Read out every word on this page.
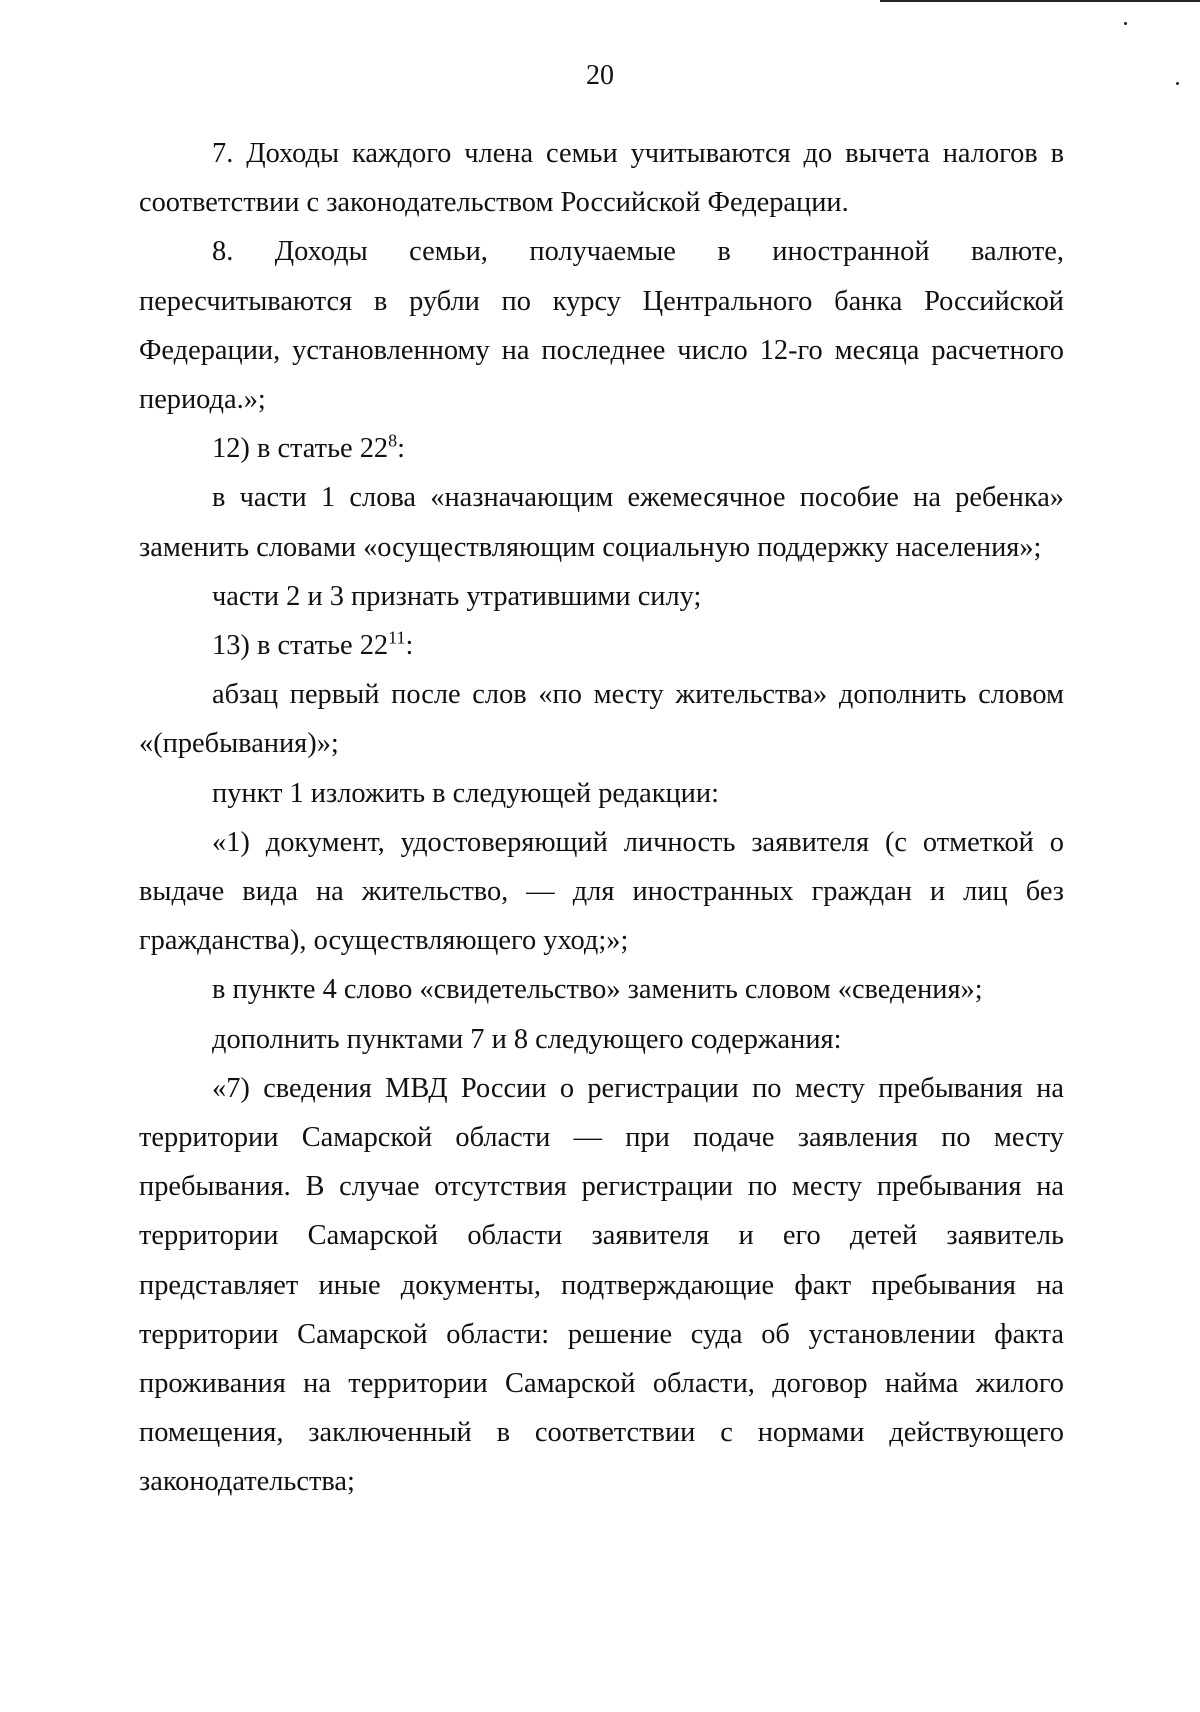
20

7. Доходы каждого члена семьи учитываются до вычета налогов в соответствии с законодательством Российской Федерации.

8. Доходы семьи, получаемые в иностранной валюте, пересчитываются в рубли по курсу Центрального банка Российской Федерации, установленному на последнее число 12-го месяца расчетного периода.»;

12) в статье $22^8$:

в части 1 слова «назначающим ежемесячное пособие на ребенка» заменить словами «осуществляющим социальную поддержку населения»;

части 2 и 3 признать утратившими силу;

13) в статье $22^{11}$:

абзац первый после слов «по месту жительства» дополнить словом «(пребывания)»;

пункт 1 изложить в следующей редакции:

«1) документ, удостоверяющий личность заявителя (с отметкой о выдаче вида на жительство, — для иностранных граждан и лиц без гражданства), осуществляющего уход;»;

в пункте 4 слово «свидетельство» заменить словом «сведения»;

дополнить пунктами 7 и 8 следующего содержания:

«7) сведения МВД России о регистрации по месту пребывания на территории Самарской области — при подаче заявления по месту пребывания. В случае отсутствия регистрации по месту пребывания на территории Самарской области заявителя и его детей заявитель представляет иные документы, подтверждающие факт пребывания на территории Самарской области: решение суда об установлении факта проживания на территории Самарской области, договор найма жилого помещения, заключенный в соответствии с нормами действующего законодательства;
